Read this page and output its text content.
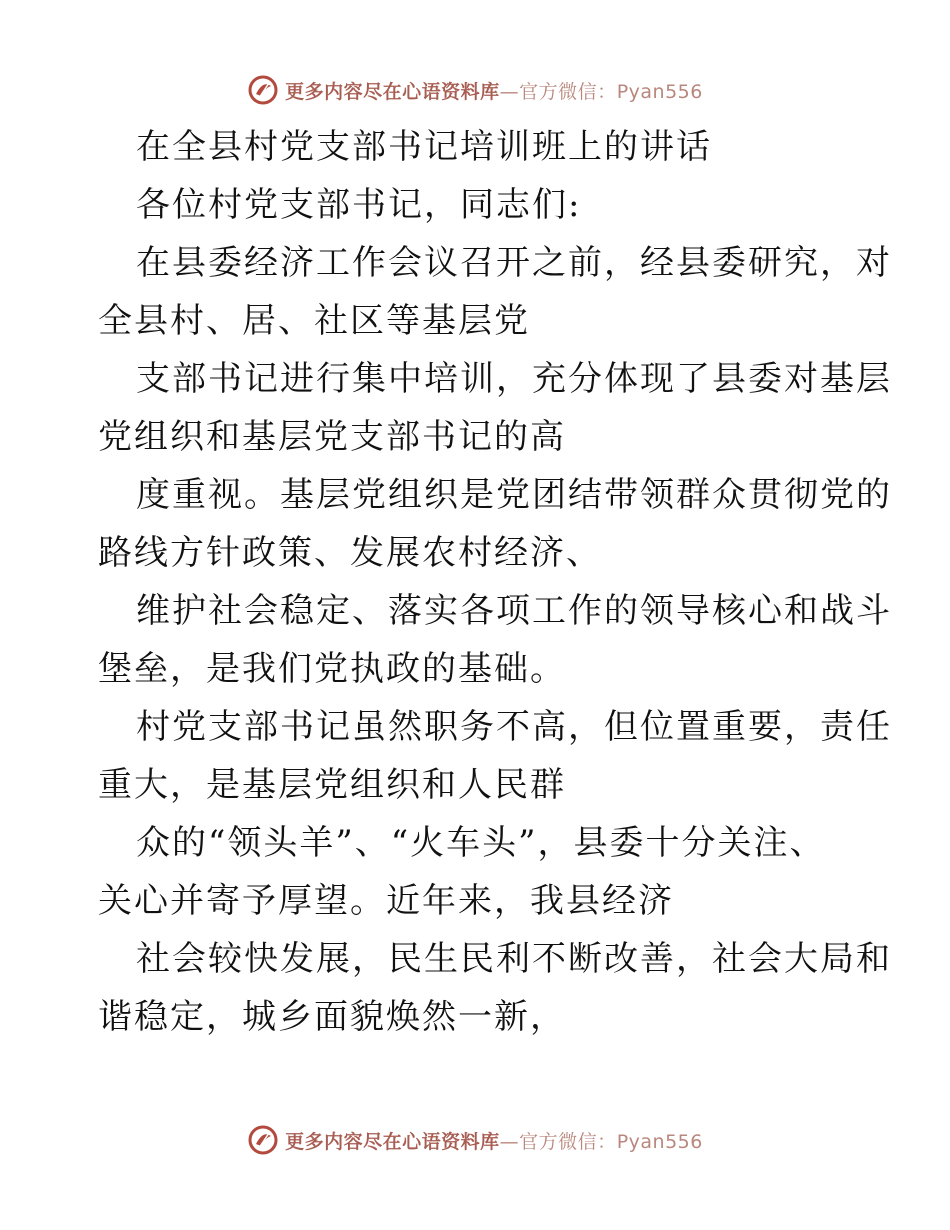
更多内容尽在心语资料库—官方微信：Pyan556
在全县村党支部书记培训班上的讲话
各位村党支部书记，同志们:
在县委经济工作会议召开之前，经县委研究，对
全县村、居、社区等基层党
支部书记进行集中培训，充分体现了县委对基层
党组织和基层党支部书记的高
度重视。基层党组织是党团结带领群众贯彻党的
路线方针政策、发展农村经济、
维护社会稳定、落实各项工作的领导核心和战斗
堡垒，是我们党执政的基础。
村党支部书记虽然职务不高，但位置重要，责任
重大，是基层党组织和人民群
众的“领头羊”、“火车头”，县委十分关注、
关心并寄予厚望。近年来，我县经济
社会较快发展，民生民利不断改善，社会大局和
谐稳定，城乡面貌焕然一新，
更多内容尽在心语资料库—官方微信：Pyan556
